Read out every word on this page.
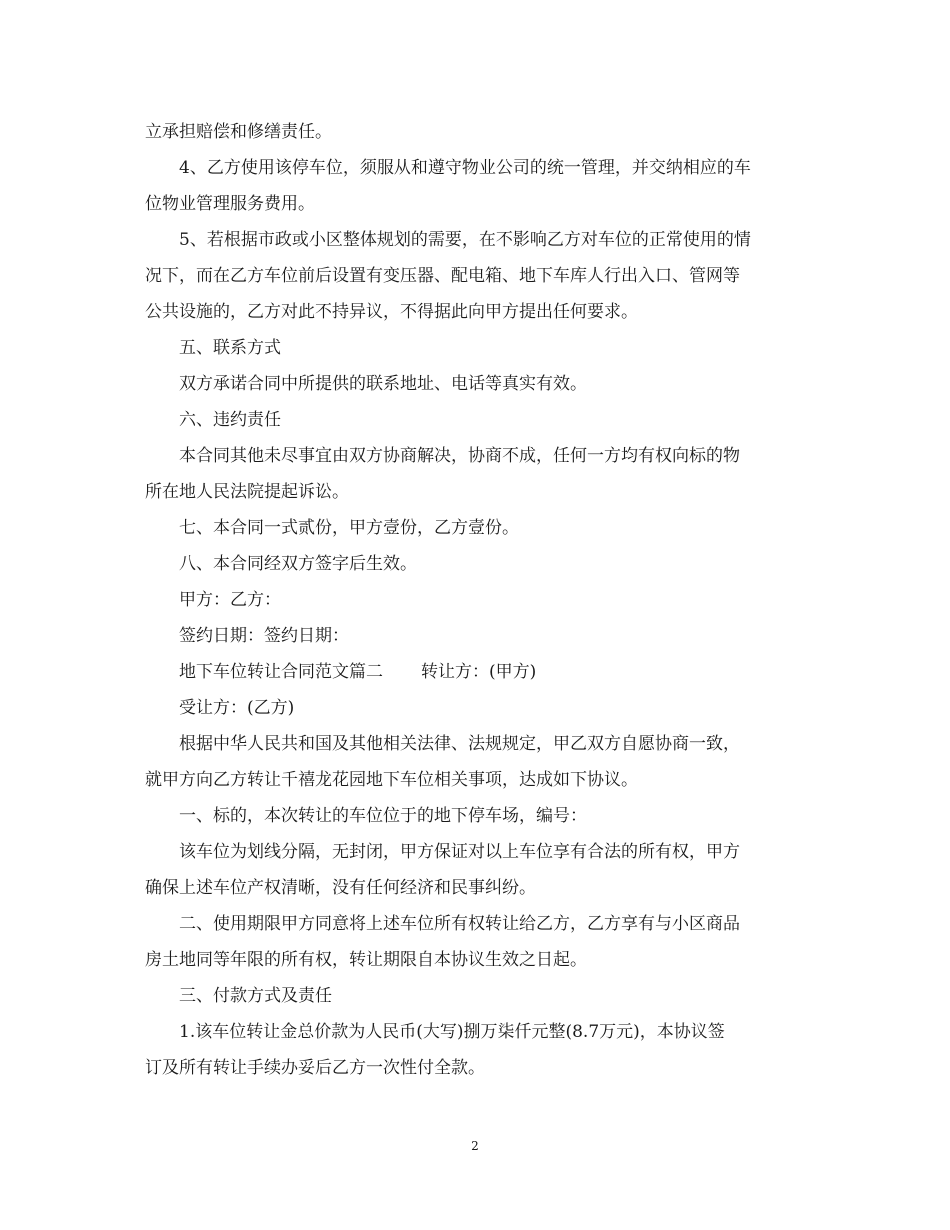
立承担赔偿和修缮责任。

4、乙方使用该停车位，须服从和遵守物业公司的统一管理，并交纳相应的车

位物业管理服务费用。

5、若根据市政或小区整体规划的需要，在不影响乙方对车位的正常使用的情

况下，而在乙方车位前后设置有变压器、配电箱、地下车库人行出入口、管网等

公共设施的，乙方对此不持异议，不得据此向甲方提出任何要求。

五、联系方式

双方承诺合同中所提供的联系地址、电话等真实有效。

六、违约责任

本合同其他未尽事宜由双方协商解决，协商不成，任何一方均有权向标的物

所在地人民法院提起诉讼。

七、本合同一式贰份，甲方壹份，乙方壹份。

八、本合同经双方签字后生效。

甲方：乙方：

签约日期：签约日期：

地下车位转让合同范文篇二 转让方：(甲方)

受让方：(乙方)

根据中华人民共和国及其他相关法律、法规规定，甲乙双方自愿协商一致，

就甲方向乙方转让千禧龙花园地下车位相关事项，达成如下协议。

一、标的，本次转让的车位位于的地下停车场，编号：

该车位为划线分隔，无封闭，甲方保证对以上车位享有合法的所有权，甲方

确保上述车位产权清晰，没有任何经济和民事纠纷。

二、使用期限甲方同意将上述车位所有权转让给乙方，乙方享有与小区商品

房土地同等年限的所有权，转让期限自本协议生效之日起。

三、付款方式及责任

1.该车位转让金总价款为人民币(大写)捌万柒仟元整(8.7万元)，本协议签

订及所有转让手续办妥后乙方一次性付全款。

2
